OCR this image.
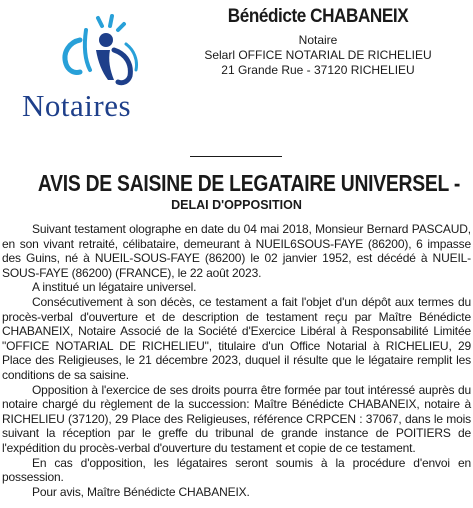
Notaires
Bénédicte CHABANEIX
Notaire
Selarl OFFICE NOTARIAL DE RICHELIEU
21 Grande Rue - 37120 RICHELIEU
AVIS DE SAISINE DE LEGATAIRE UNIVERSEL -
DELAI D'OPPOSITION

Suivant testament olographe en date du 04 mai 2018, Monsieur Bernard PASCAUD, en son vivant retraité, célibataire, demeurant à NUEIL6SOUS-FAYE (86200), 6 impasse des Guins, né à NUEIL-SOUS-FAYE (86200) le 02 janvier 1952, est décédé à NUEIL-SOUS-FAYE (86200) (FRANCE), le 22 août 2023.

A institué un légataire universel.

Consécutivement à son décès, ce testament a fait l'objet d'un dépôt aux termes du procès-verbal d'ouverture et de description de testament reçu par Maître Bénédicte CHABANEIX, Notaire Associé de la Société d'Exercice Libéral à Responsabilité Limitée "OFFICE NOTARIAL DE RICHELIEU", titulaire d'un Office Notarial à RICHELIEU, 29 Place des Religieuses, le 21 décembre 2023, duquel il résulte que le légataire remplit les conditions de sa saisine.

Opposition à l'exercice de ses droits pourra être formée par tout intéressé auprès du notaire chargé du règlement de la succession: Maître Bénédicte CHABANEIX, notaire à RICHELIEU (37120), 29 Place des Religieuses, référence CRPCEN : 37067, dans le mois suivant la réception par le greffe du tribunal de grande instance de POITIERS de l'expédition du procès-verbal d'ouverture du testament et copie de ce testament.

En cas d'opposition, les légataires seront soumis à la procédure d'envoi en possession.

Pour avis, Maître Bénédicte CHABANEIX.
